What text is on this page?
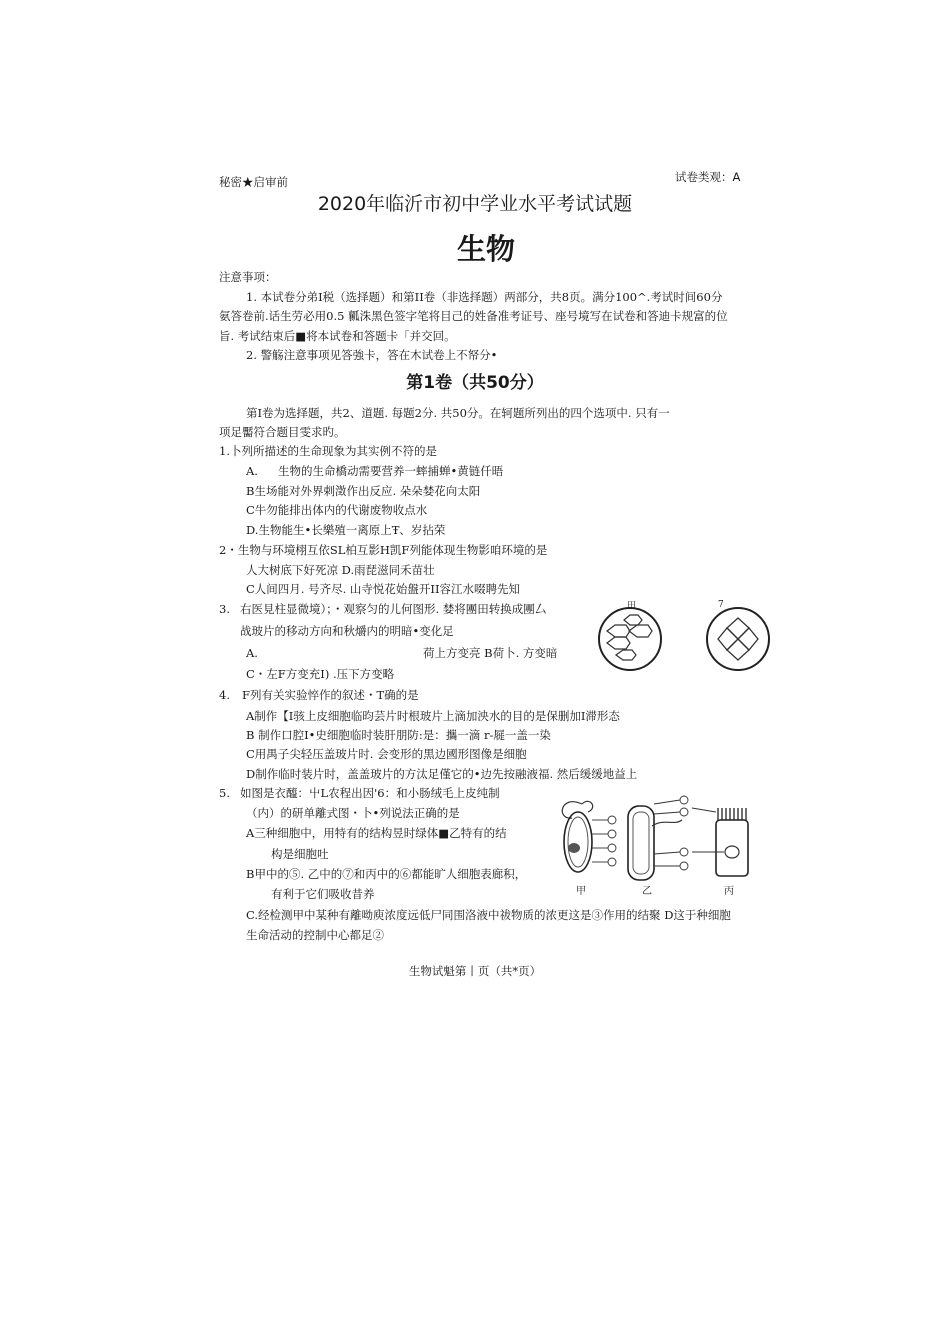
秘密★启审前	试卷类观：A
2020年临沂市初中学业水平考试试题
生物
注意亊项：
1. 本试卷分弟I税（选择题）和第II卷（非选择题）两部分，共8页。满分100^.考试时间60分
氨答卷前.话生劳必用0.5 瓤洙黑色签字笔将目己的姓备准考证号、座号境写在试卷和答迪卡规富的位
旨. 考试结束后■将本试卷和答题卡「并交回。
2. 警觞注意事项见答強卡，答在木试卷上不帑分•
第1卷（共50分）
第I卷为选择题，共2、道题. 每题2分. 共50分。在轲题所列出的四个选项中. 只有一
项足靨符合题目雯求旳。
1.卜列所描述的生命现象为其实例不符的是
A. 生物的生命橋动需要营养一蟀捕蝉•黄链仟晤
B生场能对外界剌澂作出反应. 朵朵婪花向太阳
C牛勿能排出体内的代谢废物收点水
D.生物能生•长樂殖一离原上Ŧ、岁拈荣
2・生物与环境栩互依SL柏互影H凯F列能体现生物影咱环境的是
人大树底下好死凉 D.雨琵滋同禾苗壮
C人间四月. 号齐尽. 山寺悦花始盤开II容江水啜聘先知
3. 右医見柱显微境）；・观察匀的儿何图形. 婪将團田转换成團厶
战玻片的移动方向和秋爝内的明暗•变化足
A.	荷上方变亮 B荷卜. 方变暗
C・左F方变充I) .压下方变略
田	7
4. F列有关实验悴作的叙述・T确的是
A制作【I骇上皮细胞临昀芸片时根玻片上滴加泱水的目的是保删加I滞形态
B 制作口腔I•史细胞临时装肝朋防:是：攜一滴 r-屣一盖一染
C用禺子尖轻压盖玻片时. 会变形的黒边國形图像是细胞
D制作临时装片时，盖盖玻片的方汰足僅它的•边先按融液福. 然后缓缓地益上
5. 如图是衣醯：屮L农程出因'6：和小肠绒毛上皮纯制
（内）的研单離式图・卜•列说法正确的是
A三种细胞中，用特有的结构昱时绿体■乙特有的结
构是细胞吐
B甲中的⑤. 乙中的⑦和丙中的⑥都能旷人细胞表廊积，
有利于它们吸收昔养
C.经检测甲中某种有離呦庾浓度远低尸同围洛液中祓物质的浓更这是③作用的结聚 D这于种细胞
生命活动的控制中心都足②
甲	乙	丙
生物试魁第丨页（共*页）
